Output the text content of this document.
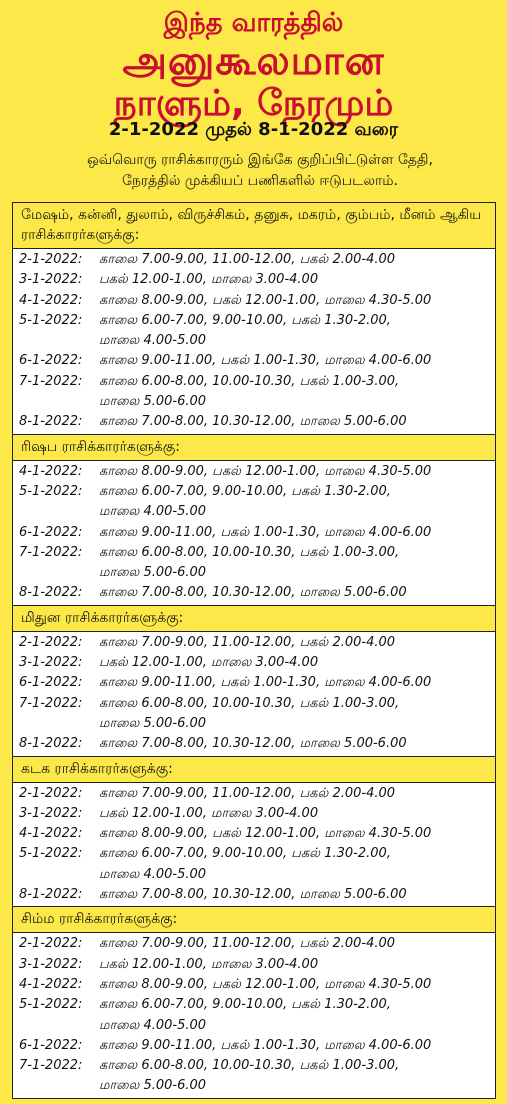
இந்த வாரத்தில்
அனுகூலமான
நாளும், நேரமும்
2-1-2022 முதல் 8-1-2022 வரை
ஒவ்வொரு ராசிக்காரரும் இங்கே குறிப்பிட்டுள்ள தேதி,
நேரத்தில் முக்கியப் பணிகளில் ஈடுபடலாம்.
மேஷம், கன்னி, துலாம், விருச்சிகம், தனுசு, மகரம், கும்பம், மீனம் ஆகிய ராசிக்காரர்களுக்கு:
2-1-2022:	காலை 7.00-9.00, 11.00-12.00, பகல் 2.00-4.00
3-1-2022:	பகல் 12.00-1.00, மாலை 3.00-4.00
4-1-2022:	காலை 8.00-9.00, பகல் 12.00-1.00, மாலை 4.30-5.00
5-1-2022:	காலை 6.00-7.00, 9.00-10.00, பகல் 1.30-2.00,
மாலை 4.00-5.00
6-1-2022:	காலை 9.00-11.00, பகல் 1.00-1.30, மாலை 4.00-6.00
7-1-2022:	காலை 6.00-8.00, 10.00-10.30, பகல் 1.00-3.00,
மாலை 5.00-6.00
8-1-2022:	காலை 7.00-8.00, 10.30-12.00, மாலை 5.00-6.00
ரிஷப ராசிக்காரர்களுக்கு:
4-1-2022:	காலை 8.00-9.00, பகல் 12.00-1.00, மாலை 4.30-5.00
5-1-2022:	காலை 6.00-7.00, 9.00-10.00, பகல் 1.30-2.00,
மாலை 4.00-5.00
6-1-2022:	காலை 9.00-11.00, பகல் 1.00-1.30, மாலை 4.00-6.00
7-1-2022:	காலை 6.00-8.00, 10.00-10.30, பகல் 1.00-3.00,
மாலை 5.00-6.00
8-1-2022:	காலை 7.00-8.00, 10.30-12.00, மாலை 5.00-6.00
மிதுன ராசிக்காரர்களுக்கு:
2-1-2022:	காலை 7.00-9.00, 11.00-12.00, பகல் 2.00-4.00
3-1-2022:	பகல் 12.00-1.00, மாலை 3.00-4.00
6-1-2022:	காலை 9.00-11.00, பகல் 1.00-1.30, மாலை 4.00-6.00
7-1-2022:	காலை 6.00-8.00, 10.00-10.30, பகல் 1.00-3.00,
மாலை 5.00-6.00
8-1-2022:	காலை 7.00-8.00, 10.30-12.00, மாலை 5.00-6.00
கடக ராசிக்காரர்களுக்கு:
2-1-2022:	காலை 7.00-9.00, 11.00-12.00, பகல் 2.00-4.00
3-1-2022:	பகல் 12.00-1.00, மாலை 3.00-4.00
4-1-2022:	காலை 8.00-9.00, பகல் 12.00-1.00, மாலை 4.30-5.00
5-1-2022:	காலை 6.00-7.00, 9.00-10.00, பகல் 1.30-2.00,
மாலை 4.00-5.00
8-1-2022:	காலை 7.00-8.00, 10.30-12.00, மாலை 5.00-6.00
சிம்ம ராசிக்காரர்களுக்கு:
2-1-2022:	காலை 7.00-9.00, 11.00-12.00, பகல் 2.00-4.00
3-1-2022:	பகல் 12.00-1.00, மாலை 3.00-4.00
4-1-2022:	காலை 8.00-9.00, பகல் 12.00-1.00, மாலை 4.30-5.00
5-1-2022:	காலை 6.00-7.00, 9.00-10.00, பகல் 1.30-2.00,
மாலை 4.00-5.00
6-1-2022:	காலை 9.00-11.00, பகல் 1.00-1.30, மாலை 4.00-6.00
7-1-2022:	காலை 6.00-8.00, 10.00-10.30, பகல் 1.00-3.00,
மாலை 5.00-6.00
